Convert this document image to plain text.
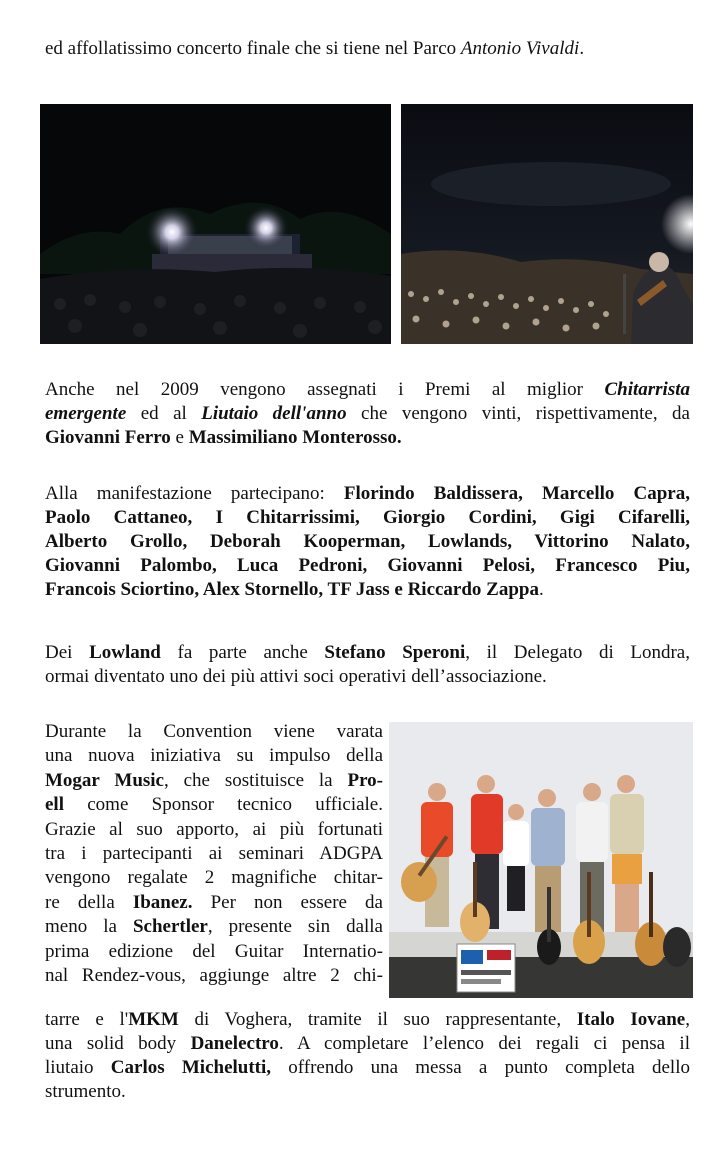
ed affollatissimo concerto finale che si tiene nel Parco Antonio Vivaldi.
Anche nel 2009 vengono assegnati i Premi al miglior Chitarrista
emergente ed al Liutaio dell'anno che vengono vinti, rispettivamente, da
Giovanni Ferro e Massimiliano Monterosso.
Alla manifestazione partecipano: Florindo Baldissera, Marcello Capra,
Paolo Cattaneo, I Chitarrissimi, Giorgio Cordini, Gigi Cifarelli,
Alberto Grollo, Deborah Kooperman, Lowlands, Vittorino Nalato,
Giovanni Palombo, Luca Pedroni, Giovanni Pelosi, Francesco Piu,
Francois Sciortino, Alex Stornello, TF Jass e Riccardo Zappa.
Dei Lowland fa parte anche Stefano Speroni, il Delegato di Londra,
ormai diventato uno dei più attivi soci operativi dell’associazione.
Durante la Convention viene varata
una nuova iniziativa su impulso della
Mogar Music, che sostituisce la Pro-
ell come Sponsor tecnico ufficiale.
Grazie al suo apporto, ai più fortunati
tra i partecipanti ai seminari ADGPA
vengono regalate 2 magnifiche chitar-
re della Ibanez. Per non essere da
meno la Schertler, presente sin dalla
prima edizione del Guitar Internatio-
nal Rendez-vous, aggiunge altre 2 chi-
tarre e l'MKM di Voghera, tramite il suo rappresentante, Italo Iovane,
una solid body Danelectro. A completare l’elenco dei regali ci pensa il
liutaio Carlos Michelutti, offrendo una messa a punto completa dello
strumento.
